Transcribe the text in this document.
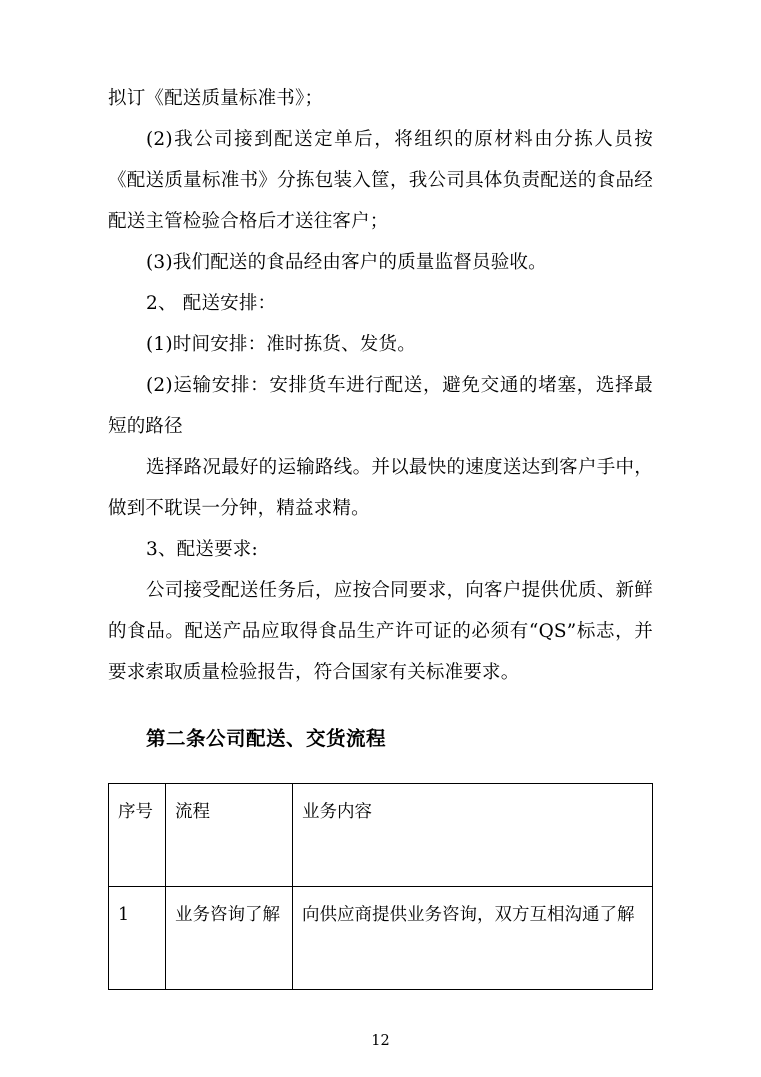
拟订《配送质量标准书》；

(2)我公司接到配送定单后，将组织的原材料由分拣人员按《配送质量标准书》分拣包装入筐，我公司具体负责配送的食品经配送主管检验合格后才送往客户；

(3)我们配送的食品经由客户的质量监督员验收。

2、 配送安排：

(1)时间安排：准时拣货、发货。

(2)运输安排：安排货车进行配送，避免交通的堵塞，选择最短的路径

选择路况最好的运输路线。并以最快的速度送达到客户手中，做到不耽误一分钟，精益求精。

3、配送要求:

公司接受配送任务后，应按合同要求，向客户提供优质、新鲜的食品。配送产品应取得食品生产许可证的必须有“QS”标志，并要求索取质量检验报告，符合国家有关标准要求。

第二条公司配送、交货流程
序号	流程	业务内容
1	业务咨询了解	向供应商提供业务咨询，双方互相沟通了解
12
